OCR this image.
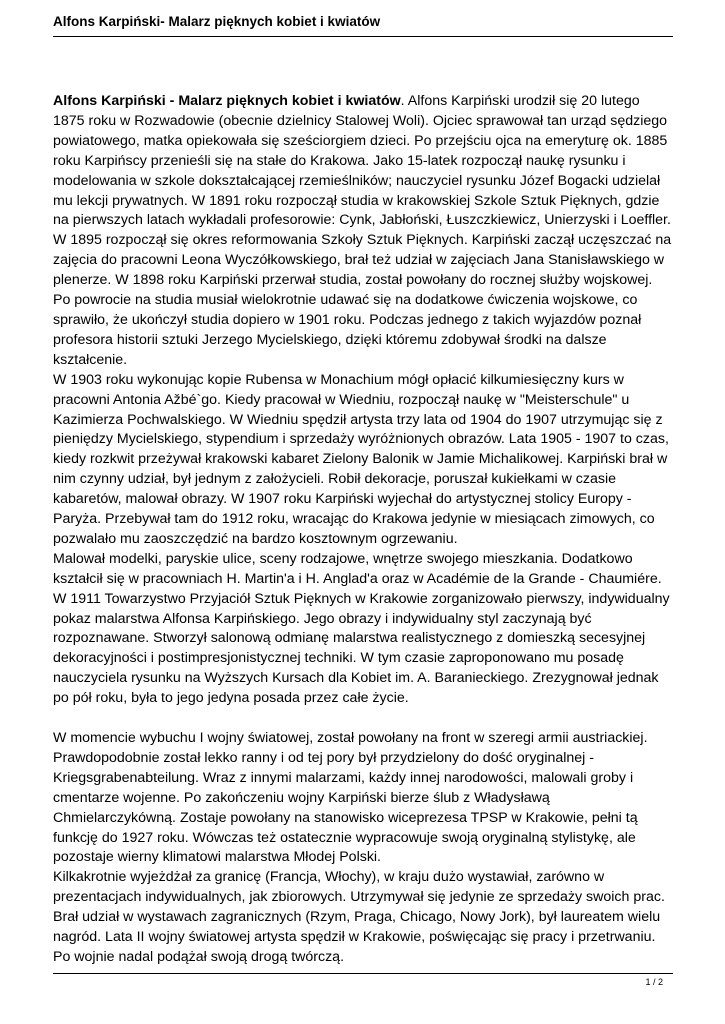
Alfons Karpiński- Malarz pięknych kobiet i kwiatów

Alfons Karpiński - Malarz pięknych kobiet i kwiatów. Alfons Karpiński urodził się 20 lutego 1875 roku w Rozwadowie (obecnie dzielnicy Stalowej Woli). Ojciec sprawował tan urząd sędziego powiatowego, matka opiekowała się sześciorgiem dzieci. Po przejściu ojca na emeryturę ok. 1885 roku Karpińscy przenieśli się na stałe do Krakowa. Jako 15-latek rozpoczął naukę rysunku i modelowania w szkole dokształcającej rzemieślników; nauczyciel rysunku Józef Bogacki udzielał mu lekcji prywatnych. W 1891 roku rozpoczął studia w krakowskiej Szkole Sztuk Pięknych, gdzie na pierwszych latach wykładali profesorowie: Cynk, Jabłoński, Łuszczkiewicz, Unierzyski i Loeffler. W 1895 rozpoczął się okres reformowania Szkoły Sztuk Pięknych. Karpiński zaczął uczęszczać na zajęcia do pracowni Leona Wyczółkowskiego, brał też udział w zajęciach Jana Stanisławskiego w plenerze. W 1898 roku Karpiński przerwał studia, został powołany do rocznej służby wojskowej. Po powrocie na studia musiał wielokrotnie udawać się na dodatkowe ćwiczenia wojskowe, co sprawiło, że ukończył studia dopiero w 1901 roku. Podczas jednego z takich wyjazdów poznał profesora historii sztuki Jerzego Mycielskiego, dzięki któremu zdobywał środki na dalsze kształcenie.

W 1903 roku wykonując kopie Rubensa w Monachium mógł opłacić kilkumiesięczny kurs w pracowni Antonia Ažbé`go. Kiedy pracował w Wiedniu, rozpoczął naukę w "Meisterschule" u Kazimierza Pochwalskiego. W Wiedniu spędził artysta trzy lata od 1904 do 1907 utrzymując się z pieniędzy Mycielskiego, stypendium i sprzedaży wyróżnionych obrazów. Lata 1905 - 1907 to czas, kiedy rozkwit przeżywał krakowski kabaret Zielony Balonik w Jamie Michalikowej. Karpiński brał w nim czynny udział, był jednym z założycieli. Robił dekoracje, poruszał kukiełkami w czasie kabaretów, malował obrazy. W 1907 roku Karpiński wyjechał do artystycznej stolicy Europy - Paryża. Przebywał tam do 1912 roku, wracając do Krakowa jedynie w miesiącach zimowych, co pozwalało mu zaoszczędzić na bardzo kosztownym ogrzewaniu.

Malował modelki, paryskie ulice, sceny rodzajowe, wnętrze swojego mieszkania. Dodatkowo kształcił się w pracowniach H. Martin'a i H. Anglad'a oraz w Académie de la Grande - Chaumiére. W 1911 Towarzystwo Przyjaciół Sztuk Pięknych w Krakowie zorganizowało pierwszy, indywidualny pokaz malarstwa Alfonsa Karpińskiego. Jego obrazy i indywidualny styl zaczynają być rozpoznawane. Stworzył salonową odmianę malarstwa realistycznego z domieszką secesyjnej dekoracyjności i postimpresjonistycznej techniki. W tym czasie zaproponowano mu posadę nauczyciela rysunku na Wyższych Kursach dla Kobiet im. A. Baranieckiego. Zrezygnował jednak po pół roku, była to jego jedyna posada przez całe życie.

W momencie wybuchu I wojny światowej, został powołany na front w szeregi armii austriackiej. Prawdopodobnie został lekko ranny i od tej pory był przydzielony do dość oryginalnej - Kriegsgrabenabteilung. Wraz z innymi malarzami, każdy innej narodowości, malowali groby i cmentarze wojenne. Po zakończeniu wojny Karpiński bierze ślub z Władysławą Chmielarczykówną. Zostaje powołany na stanowisko wiceprezesa TPSP w Krakowie, pełni tą funkcję do 1927 roku. Wówczas też ostatecznie wypracowuje swoją oryginalną stylistykę, ale pozostaje wierny klimatowi malarstwa Młodej Polski.

Kilkakrotnie wyjeżdżał za granicę (Francja, Włochy), w kraju dużo wystawiał, zarówno w prezentacjach indywidualnych, jak zbiorowych. Utrzymywał się jedynie ze sprzedaży swoich prac. Brał udział w wystawach zagranicznych (Rzym, Praga, Chicago, Nowy Jork), był laureatem wielu nagród. Lata II wojny światowej artysta spędził w Krakowie, poświęcając się pracy i przetrwaniu. Po wojnie nadal podążał swoją drogą twórczą.

1 / 2
